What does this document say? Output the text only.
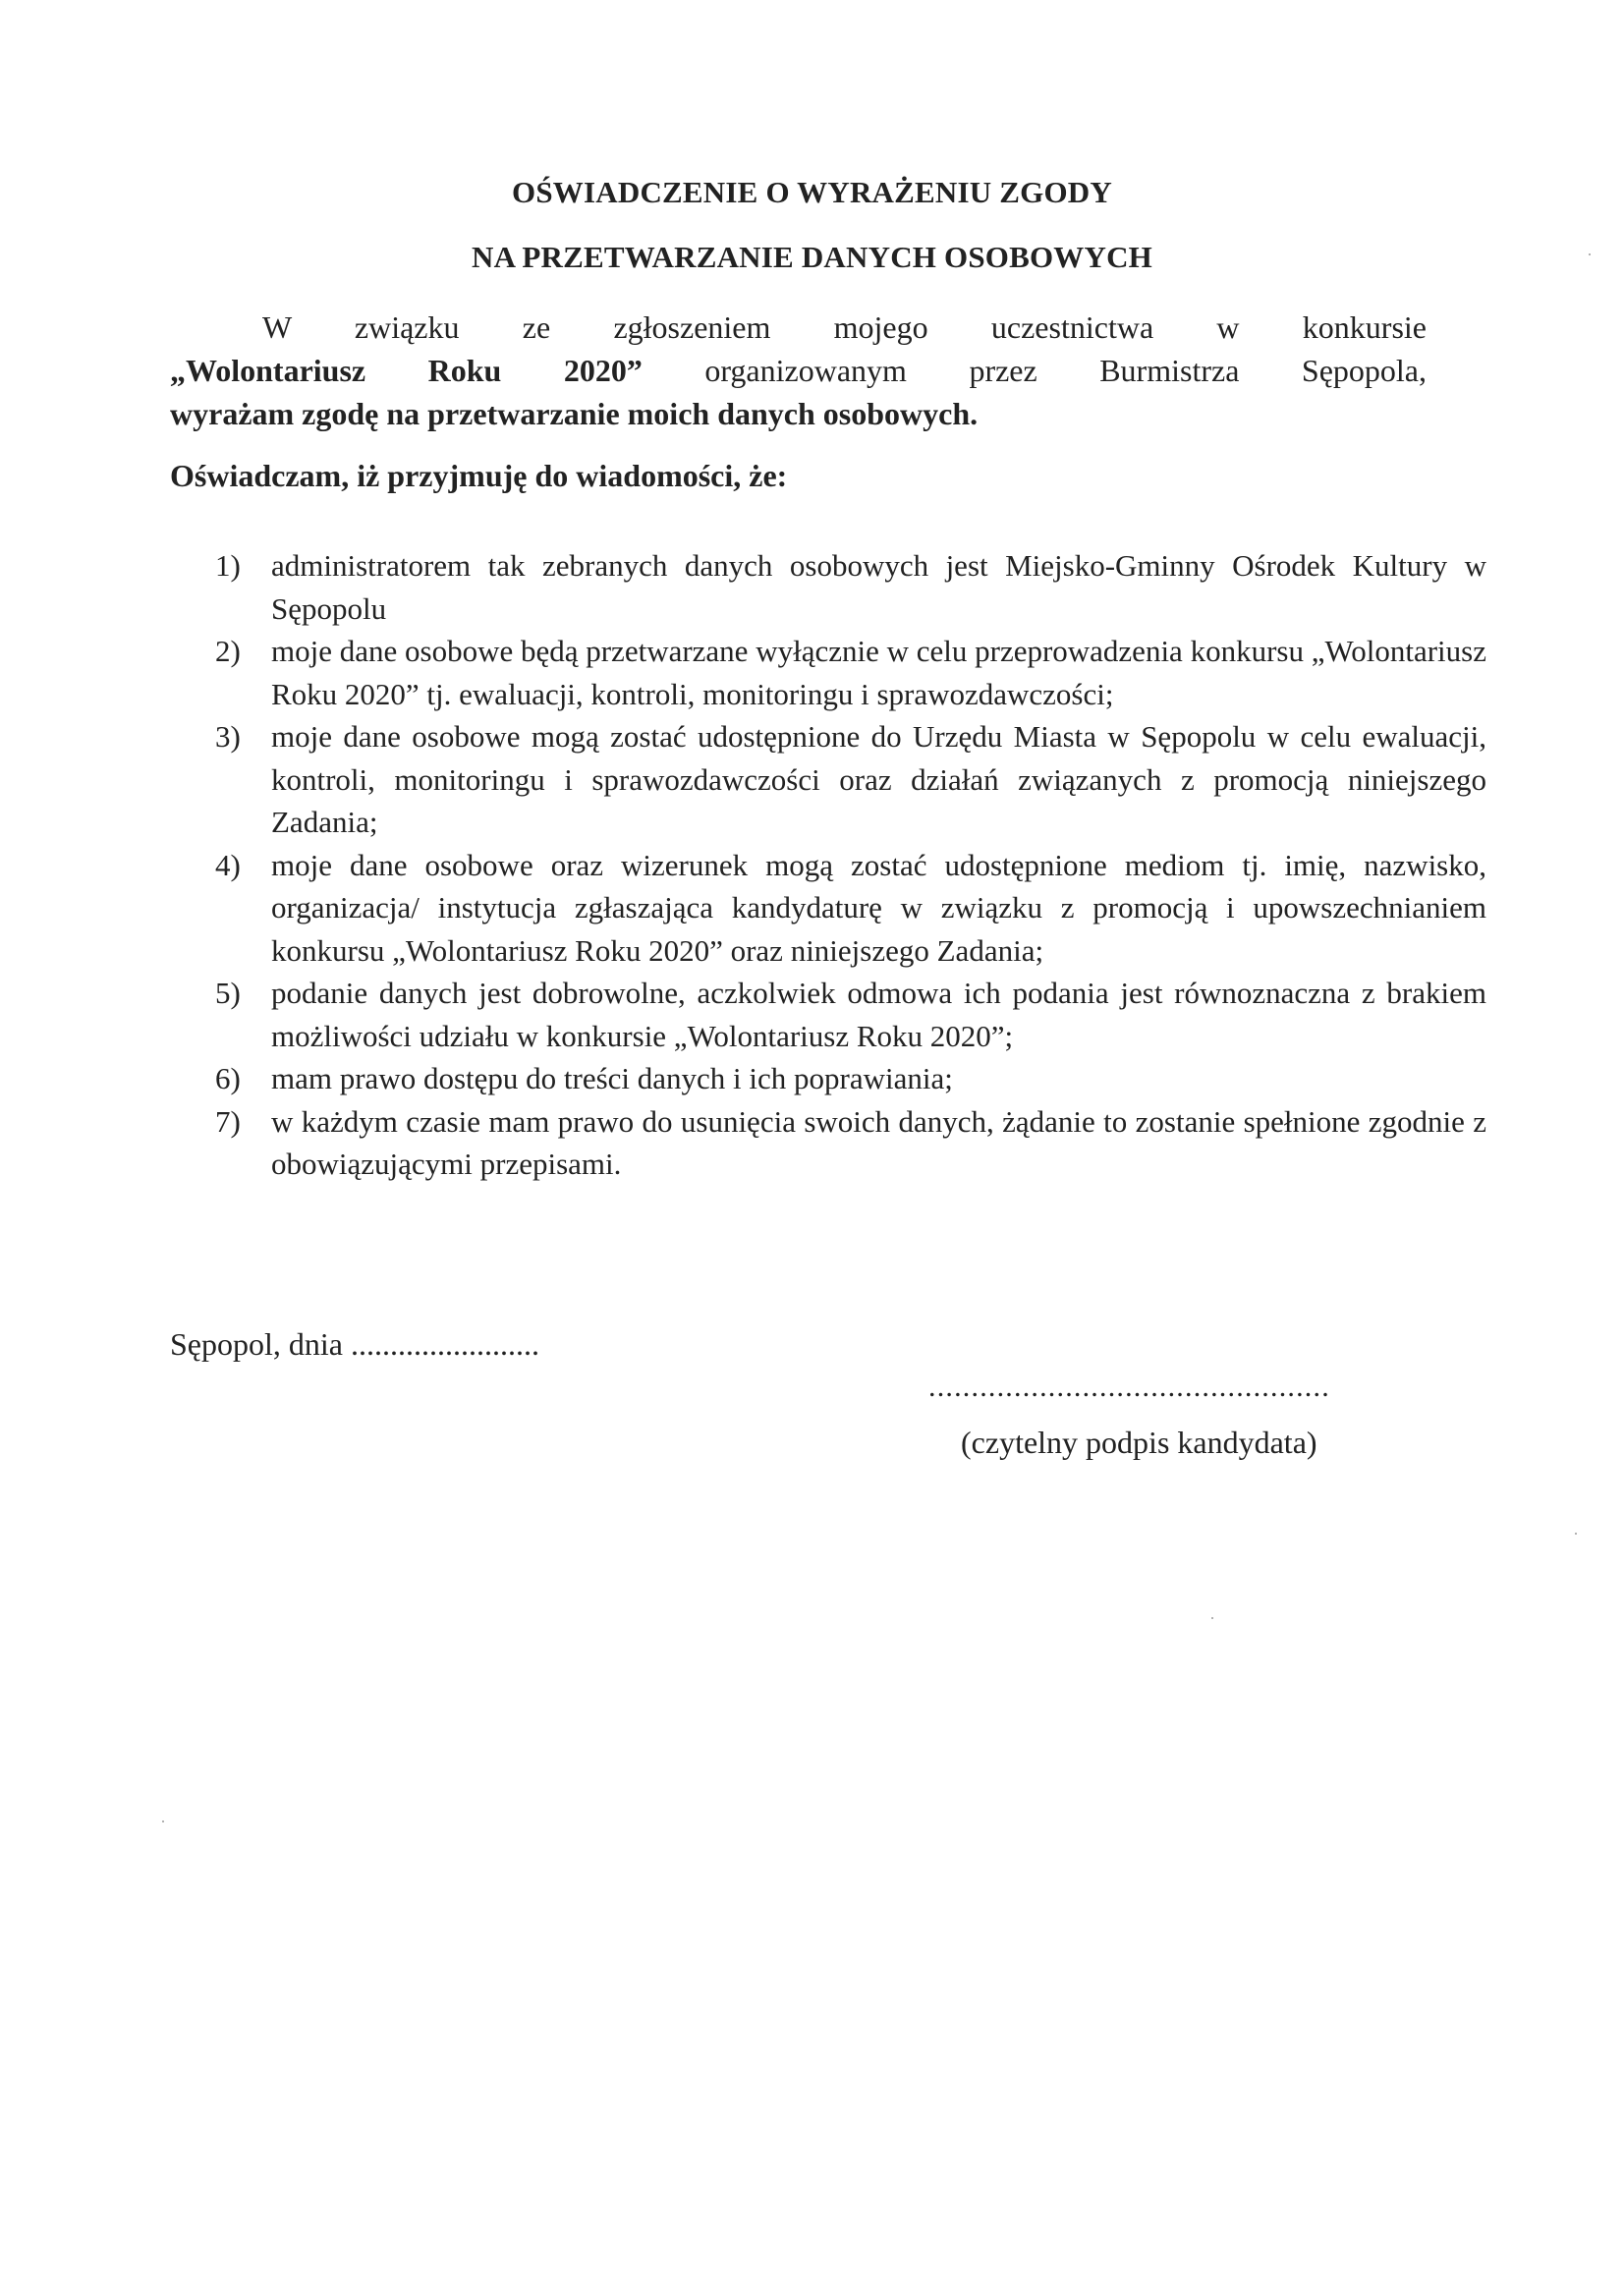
OŚWIADCZENIE O WYRAŻENIU ZGODY
NA PRZETWARZANIE DANYCH OSOBOWYCH
W związku ze zgłoszeniem mojego uczestnictwa w konkursie
„Wolontariusz Roku 2020” organizowanym przez Burmistrza Sępopola,

wyrażam zgodę na przetwarzanie moich danych osobowych.

Oświadczam, iż przyjmuję do wiadomości, że:

1) administratorem tak zebranych danych osobowych jest Miejsko-Gminny Ośrodek Kultury w Sępopolu
2) moje dane osobowe będą przetwarzane wyłącznie w celu przeprowadzenia konkursu „Wolontariusz Roku 2020” tj. ewaluacji, kontroli, monitoringu i sprawozdawczości;
3) moje dane osobowe mogą zostać udostępnione do Urzędu Miasta w Sępopolu w celu ewaluacji, kontroli, monitoringu i sprawozdawczości oraz działań związanych z promocją niniejszego Zadania;
4) moje dane osobowe oraz wizerunek mogą zostać udostępnione mediom tj. imię, nazwisko, organizacja/ instytucja zgłaszająca kandydaturę w związku z promocją i upowszechnianiem konkursu „Wolontariusz Roku 2020” oraz niniejszego Zadania;
5) podanie danych jest dobrowolne, aczkolwiek odmowa ich podania jest równoznaczna z brakiem możliwości udziału w konkursie „Wolontariusz Roku 2020”;
6) mam prawo dostępu do treści danych i ich poprawiania;
7) w każdym czasie mam prawo do usunięcia swoich danych, żądanie to zostanie spełnione zgodnie z obowiązującymi przepisami.

Sępopol, dnia ........................

...............................................

(czytelny podpis kandydata)
